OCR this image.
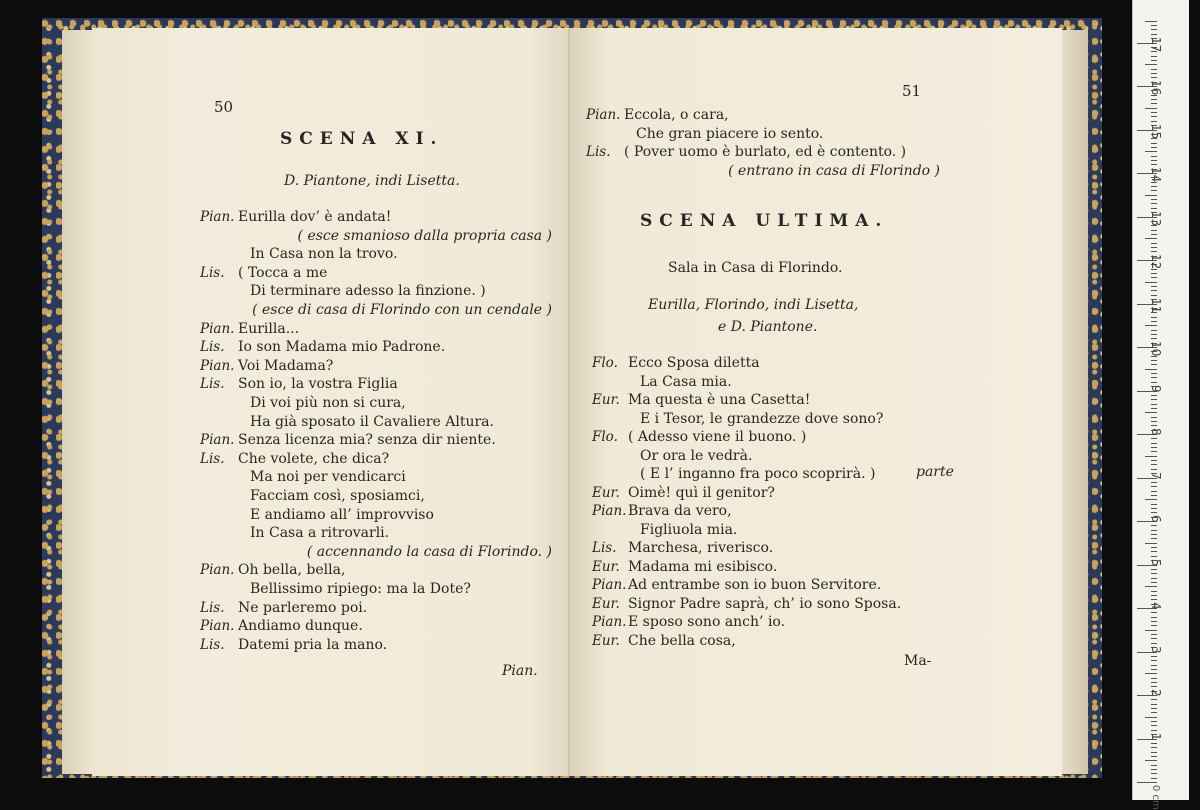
50
SCENA XI.
D. Piantone, indi Lisetta.
Pian. Eurilla dov’ è andata!
( esce smanioso dalla propria casa )
In Casa non la trovo.
Lis. ( Tocca a me
Di terminare adesso la finzione. )
( esce di casa di Florindo con un cendale )
Pian. Eurilla...
Lis. Io son Madama mio Padrone.
Pian. Voi Madama?
Lis. Son io, la vostra Figlia
Di voi più non si cura,
Ha già sposato il Cavaliere Altura.
Pian. Senza licenza mia? senza dir niente.
Lis. Che volete, che dica?
Ma noi per vendicarci
Facciam così, sposiamci,
E andiamo all’ improvviso
In Casa a ritrovarli.
( accennando la casa di Florindo. )
Pian. Oh bella, bella,
Bellissimo ripiego: ma la Dote?
Lis. Ne parleremo poi.
Pian. Andiamo dunque.
Lis. Datemi pria la mano.
Pian.
51
Pian. Eccola, o cara,
Che gran piacere io sento.
Lis. ( Pover uomo è burlato, ed è contento. )
( entrano in casa di Florindo )
SCENA ULTIMA.
Sala in Casa di Florindo.
Eurilla, Florindo, indi Lisetta,
e D. Piantone.
Flo. Ecco Sposa diletta
La Casa mia.
Eur. Ma questa è una Casetta!
E i Tesor, le grandezze dove sono?
Flo. ( Adesso viene il buono. )
Or ora le vedrà.
( E l’ inganno fra poco scoprirà. )
Eur. Oimè! quì il genitor?
Pian. Brava da vero,
Figliuola mia.
Lis. Marchesa, riverisco.
Eur. Madama mi esibisco.
Pian. Ad entrambe son io buon Servitore.
Eur. Signor Padre saprà, ch’ io sono Sposa.
Pian. E sposo sono anch’ io.
Eur. Che bella cosa,
parte
Ma-
1
2
3
4
5
6
7
8
9
10
11
12
13
14
15
16
17
0 cm
